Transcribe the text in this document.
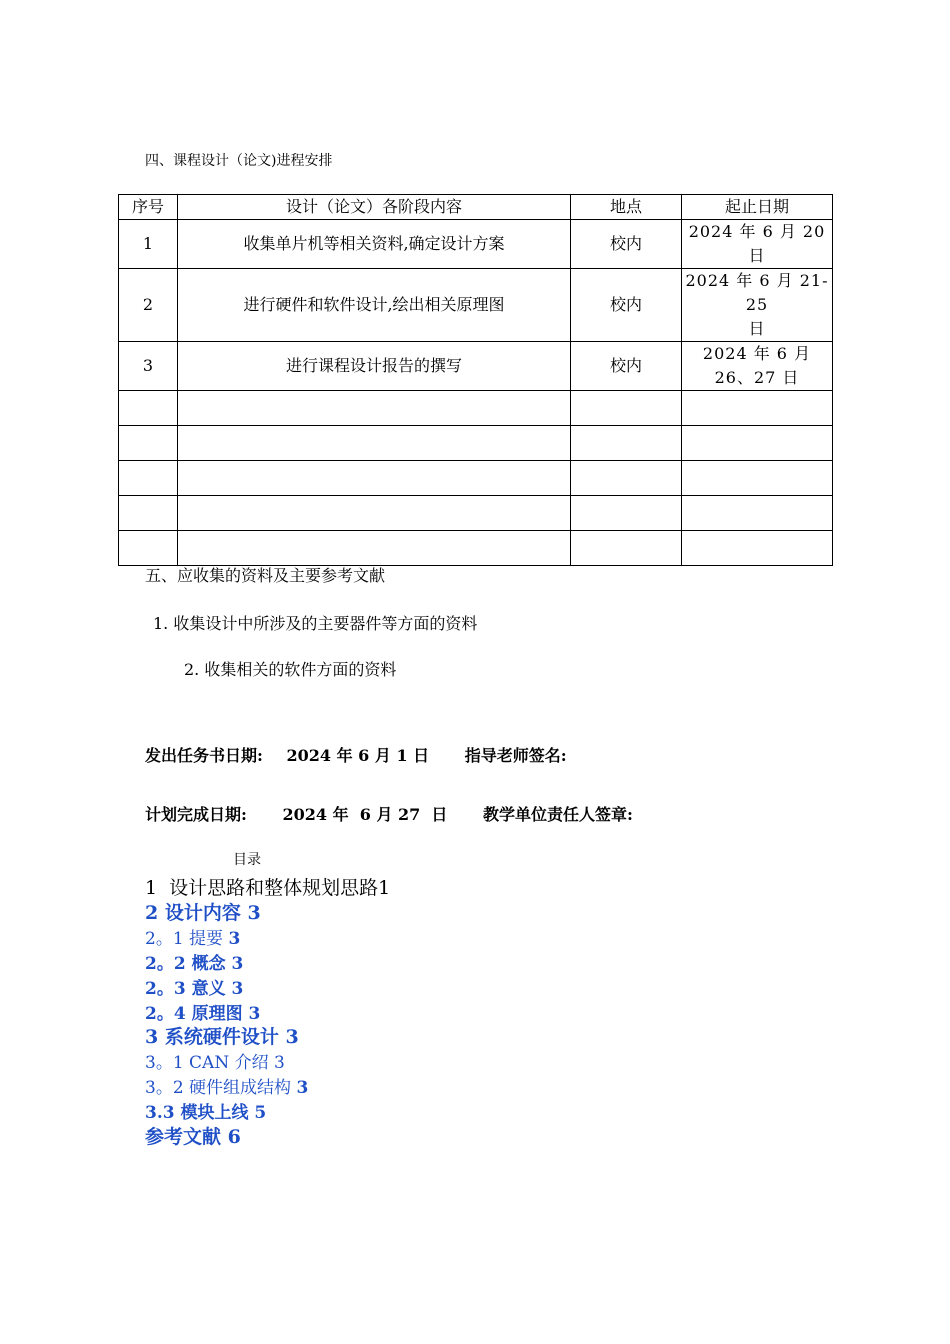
四、课程设计（论文)进程安排
序号	设计（论文）各阶段内容	地点	起止日期
1	收集单片机等相关资料,确定设计方案	校内	2024 年 6 月 20 日
2	进行硬件和软件设计,绘出相关原理图	校内	2024 年 6 月 21-25
日

3	进行课程设计报告的撰写	校内	2024 年 6 月
26、27 日

五、应收集的资料及主要参考文献
1. 收集设计中所涉及的主要器件等方面的资料
2. 收集相关的软件方面的资料
发出任务书日期: 2024 年 6 月 1 日 指导老师签名:
计划完成日期: 2024 年  6 月 27  日 教学单位责任人签章:
目录
1  设计思路和整体规划思路1
2 设计内容 3
2。1 提要 3
2。2 概念 3
2。3 意义 3
2。4 原理图 3
3 系统硬件设计 3
3。1 CAN 介绍 3
3。2 硬件组成结构 3
3.3 模块上线 5
参考文献 6
